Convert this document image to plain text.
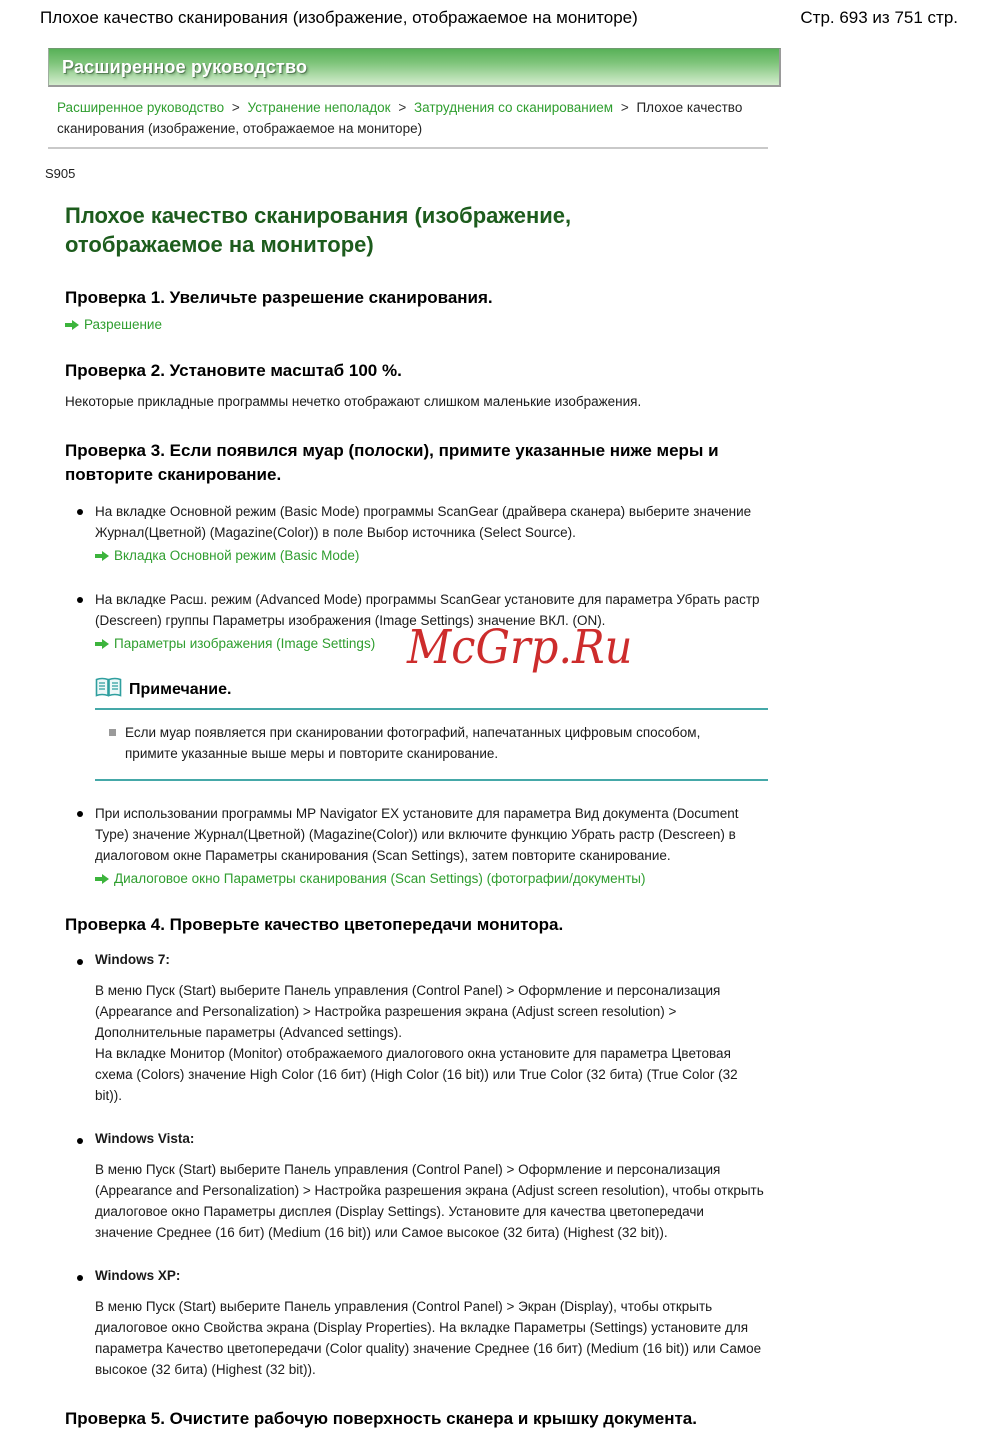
Плохое качество сканирования (изображение, отображаемое на мониторе)	Стр. 693 из 751 стр.
Расширенное руководство
Расширенное руководство > Устранение неполадок > Затруднения со сканированием > Плохое качество сканирования (изображение, отображаемое на мониторе)
S905
Плохое качество сканирования (изображение, отображаемое на мониторе)
Проверка 1. Увеличьте разрешение сканирования.
Разрешение
Проверка 2. Установите масштаб 100 %.

Некоторые прикладные программы нечетко отображают слишком маленькие изображения.

Проверка 3. Если появился муар (полоски), примите указанные ниже меры и повторите сканирование.
На вкладке Основной режим (Basic Mode) программы ScanGear (драйвера сканера) выберите значение Журнал(Цветной) (Magazine(Color)) в поле Выбор источника (Select Source).
Вкладка Основной режим (Basic Mode)
На вкладке Расш. режим (Advanced Mode) программы ScanGear установите для параметра Убрать растр (Descreen) группы Параметры изображения (Image Settings) значение ВКЛ. (ON).
Параметры изображения (Image Settings)
Примечание.
Если муар появляется при сканировании фотографий, напечатанных цифровым способом, примите указанные выше меры и повторите сканирование.
При использовании программы MP Navigator EX установите для параметра Вид документа (Document Type) значение Журнал(Цветной) (Magazine(Color)) или включите функцию Убрать растр (Descreen) в диалоговом окне Параметры сканирования (Scan Settings), затем повторите сканирование.
Диалоговое окно Параметры сканирования (Scan Settings) (фотографии/документы)
Проверка 4. Проверьте качество цветопередачи монитора.
Windows 7:

В меню Пуск (Start) выберите Панель управления (Control Panel) > Оформление и персонализация (Appearance and Personalization) > Настройка разрешения экрана (Adjust screen resolution) > Дополнительные параметры (Advanced settings).

На вкладке Монитор (Monitor) отображаемого диалогового окна установите для параметра Цветовая схема (Colors) значение High Color (16 бит) (High Color (16 bit)) или True Color (32 бита) (True Color (32 bit)).

Windows Vista:

В меню Пуск (Start) выберите Панель управления (Control Panel) > Оформление и персонализация (Appearance and Personalization) > Настройка разрешения экрана (Adjust screen resolution), чтобы открыть диалоговое окно Параметры дисплея (Display Settings). Установите для качества цветопередачи значение Среднее (16 бит) (Medium (16 bit)) или Самое высокое (32 бита) (Highest (32 bit)).

Windows XP:

В меню Пуск (Start) выберите Панель управления (Control Panel) > Экран (Display), чтобы открыть диалоговое окно Свойства экрана (Display Properties). На вкладке Параметры (Settings) установите для параметра Качество цветопередачи (Color quality) значение Среднее (16 бит) (Medium (16 bit)) или Самое высокое (32 бита) (Highest (32 bit)).

Проверка 5. Очистите рабочую поверхность сканера и крышку документа.
McGrp.Ru
